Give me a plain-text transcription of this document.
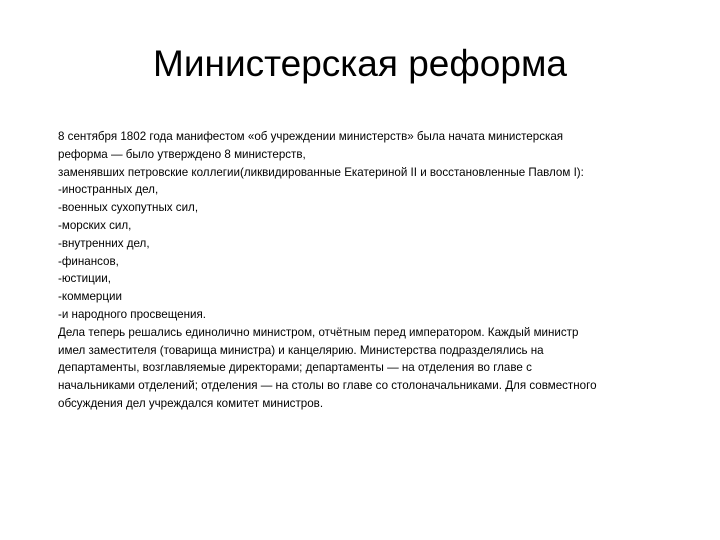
Министерская реформа
8 сентября 1802 года манифестом «об учреждении министерств» была начата министерская
реформа — было утверждено 8 министерств,
заменявших петровские коллегии(ликвидированные Екатериной II и восстановленные Павлом I):
-иностранных дел,
-военных сухопутных сил,
-морских сил,
-внутренних дел,
-финансов,
-юстиции,
-коммерции
-и народного просвещения.
Дела теперь решались единолично министром, отчётным перед императором. Каждый министр
имел заместителя (товарища министра) и канцелярию. Министерства подразделялись на
департаменты, возглавляемые директорами; департаменты — на отделения во главе с
начальниками отделений; отделения — на столы во главе со столоначальниками. Для совместного
обсуждения дел учреждался комитет министров.
